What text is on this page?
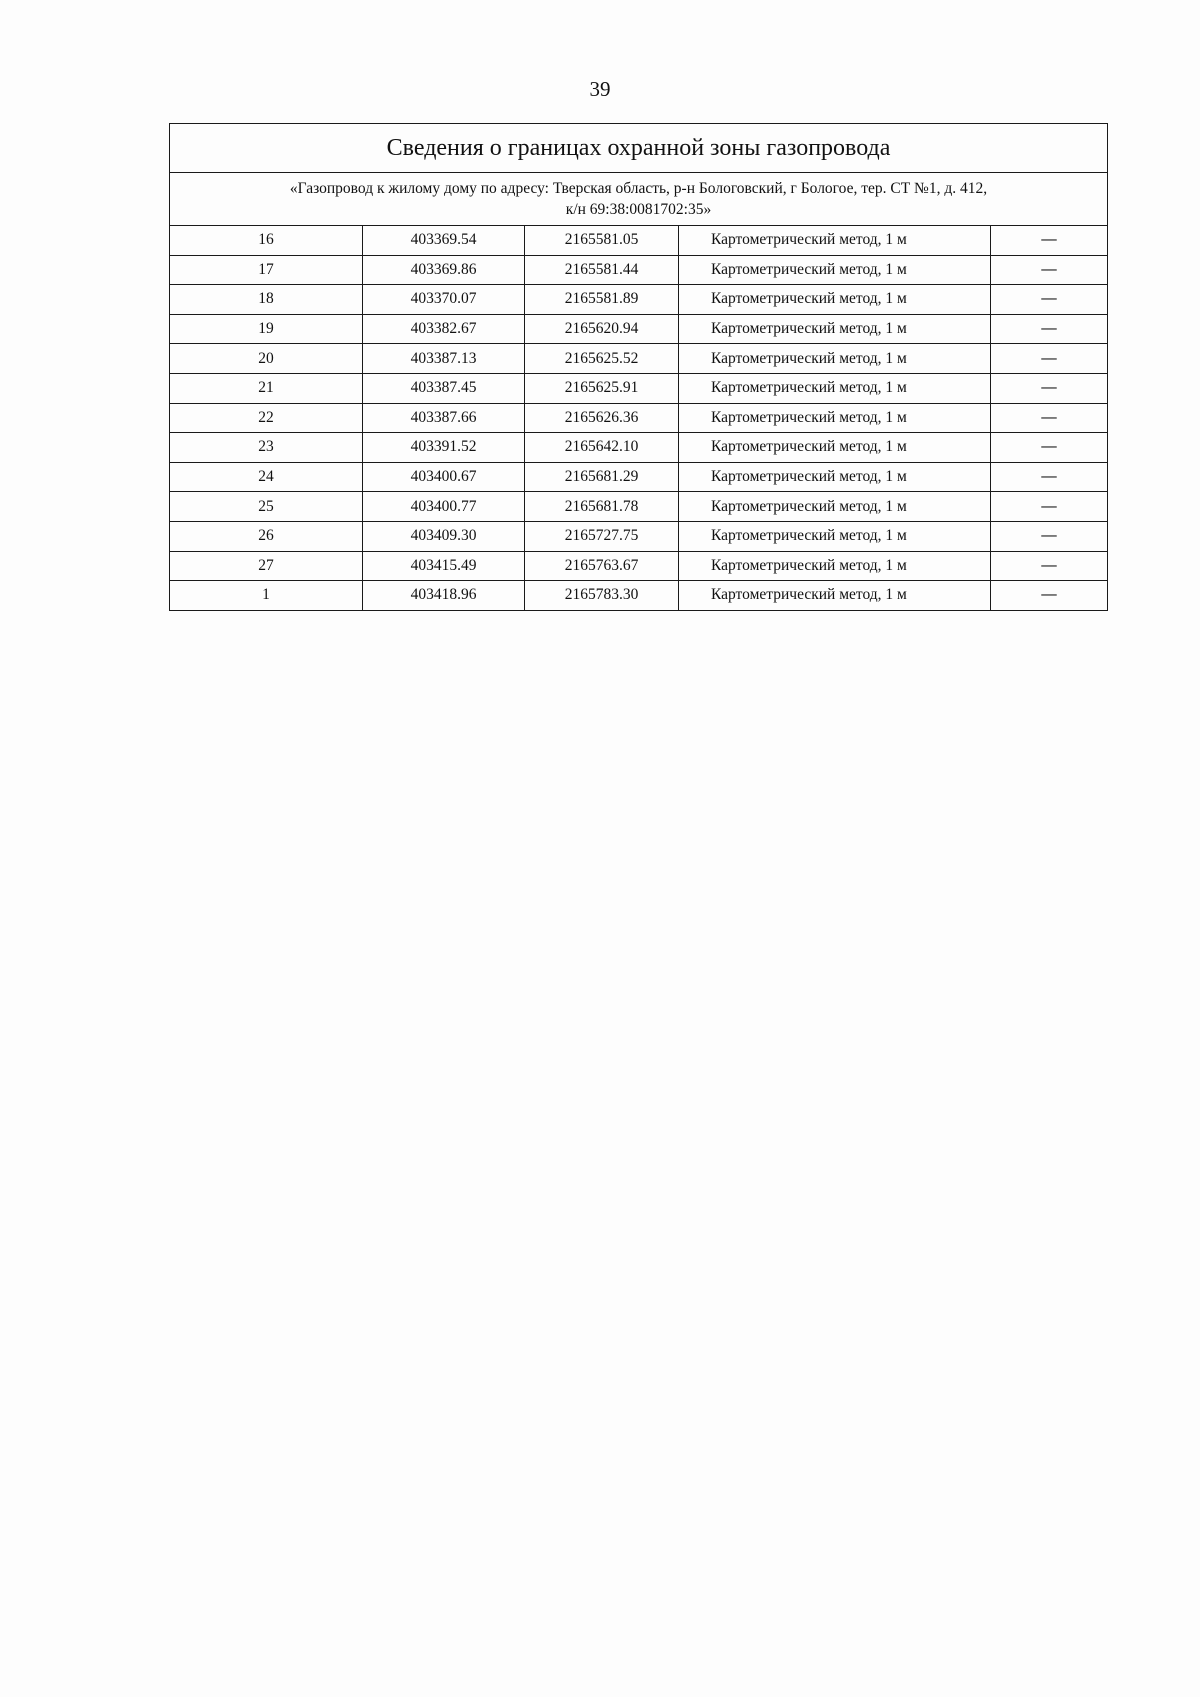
39
Сведения о границах охранной зоны газопровода				
«Газопровод к жилому дому по адресу: Тверская область, р-н Бологовский, г Бологое, тер. СТ №1, д. 412,
к/н 69:38:0081702:35»				
16	403369.54	2165581.05	Картометрический метод, 1 м	—
17	403369.86	2165581.44	Картометрический метод, 1 м	—
18	403370.07	2165581.89	Картометрический метод, 1 м	—
19	403382.67	2165620.94	Картометрический метод, 1 м	—
20	403387.13	2165625.52	Картометрический метод, 1 м	—
21	403387.45	2165625.91	Картометрический метод, 1 м	—
22	403387.66	2165626.36	Картометрический метод, 1 м	—
23	403391.52	2165642.10	Картометрический метод, 1 м	—
24	403400.67	2165681.29	Картометрический метод, 1 м	—
25	403400.77	2165681.78	Картометрический метод, 1 м	—
26	403409.30	2165727.75	Картометрический метод, 1 м	—
27	403415.49	2165763.67	Картометрический метод, 1 м	—
1	403418.96	2165783.30	Картометрический метод, 1 м	—
